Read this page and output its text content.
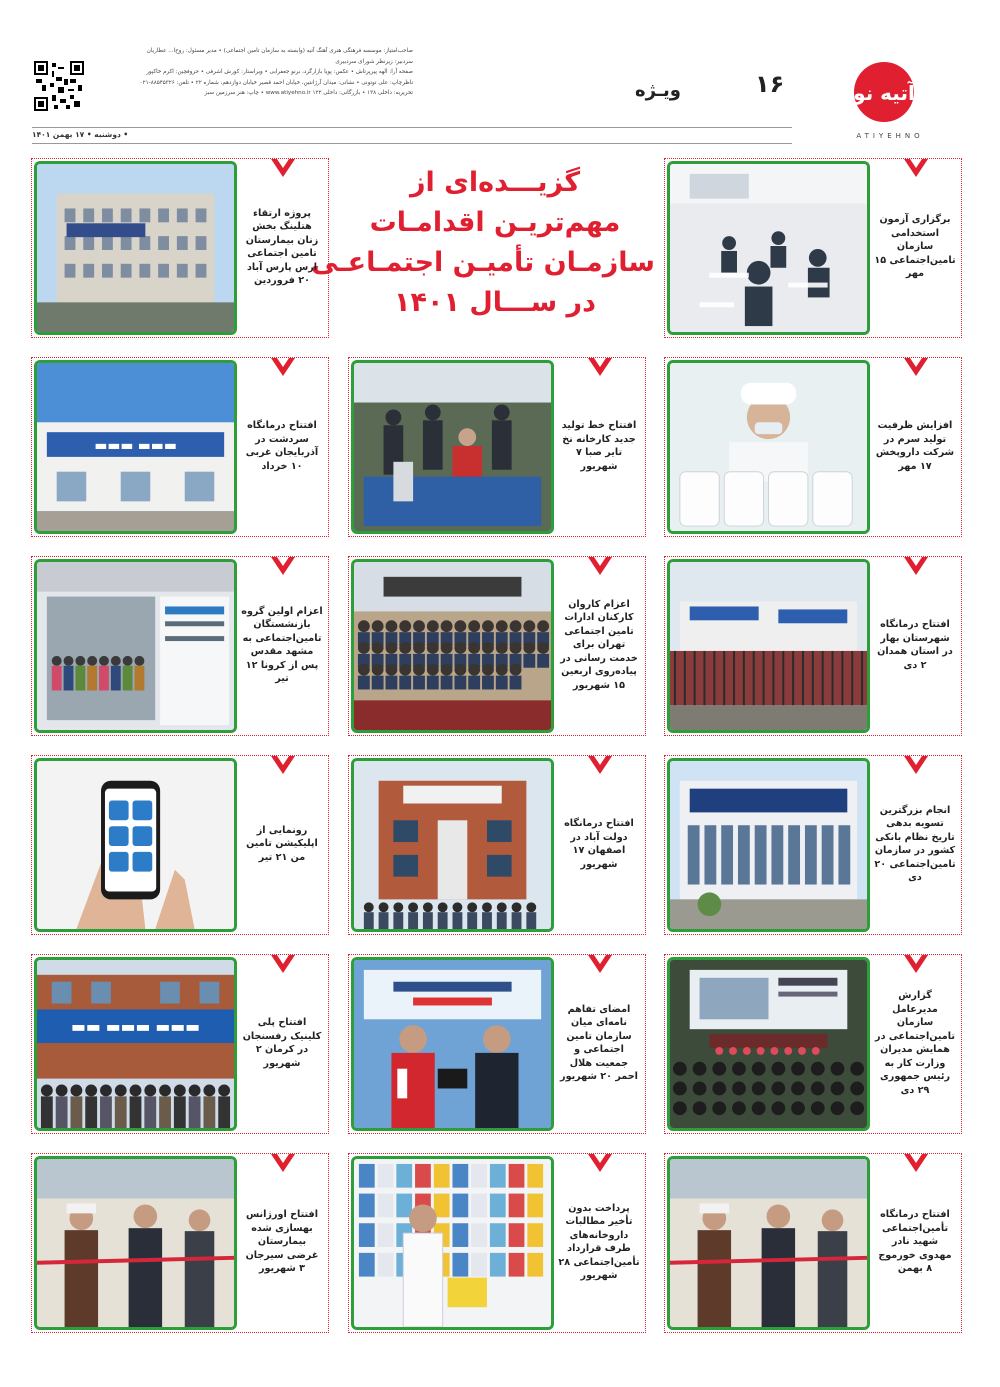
صاحب‌امتیاز: موسسه فرهنگی هنری آهنگ آتیه (وابسته به سازمان تامین اجتماعی) • مدیر مسئول: روح‌ا... عطاریان
سردبیر: زیرنظر شورای سردبیری
صفحه آرا: الهه پیرپرتاش • عکس: پویا بازارگرد، برنو جعفرابی • ویراستار: کورش اشرفی • حروفچین: اکرم خاکپور
ناظرچاپ: علی توتونی • نشانی: میدان آرژانتین، خیابان احمد قصیر خیابان دوازدهم، شماره ۲۲ • تلفن: ۸۸۵۴۵۳۲۶-۰۲۱
تحریریه: داخلی ۱۳۸ • بازرگانی: داخلی ۱۲۲ www.atiyehno.ir • چاپ: هنر سرزمین سبز	ویـژه	۱۶	آتیه نو
ATIYEHNO
• دوشنبه • ۱۷ بهمن ۱۴۰۱
گزیـــده‌ای از
مهم‌تریـن اقدامـات
سازمـان تأمیـن اجتمـاعـی
در ســـال ۱۴۰۱
برگزاری آزمون استخدامی سازمان تامین‌اجتماعی ۱۵ مهر
پروژه ارتقاء هتلینگ بخش زنان بیمارستان تامین اجتماعی ارس پارس آباد ۲۰ فروردین
افزایش ظرفیت تولید سرم در شرکت داروپخش ۱۷ مهر
افتتاح خط تولید جدید کارخانه نخ تایر صبا ۷ شهریور
▬▬▬ ▬▬▬
افتتاح درمانگاه سردشت در آذربایجان غربی ۱۰ خرداد
افتتاح درمانگاه شهرستان بهار در استان همدان ۲ دی
اعزام کاروان کارکنان ادارات تامین اجتماعی تهران برای خدمت رسانی در پیاده‌روی اربعین ۱۵ شهریور
اعزام اولین گروه بازنشستگان تامین‌اجتماعی به مشهد مقدس پس از کرونا ۱۲ تیر
انجام بزرگترین تسویه بدهی تاریخ نظام بانکی کشور در سازمان تامین‌اجتماعی ۲۰ دی
افتتاح درمانگاه دولت آباد در اصفهان ۱۷ شهریور
رونمایی از اپلیکیشن تامین من ۲۱ تیر
گزارش مدیرعامل سازمان تامین‌اجتماعی در همایش مدیران وزارت کار به رئیس جمهوری ۲۹ دی
امضای تفاهم نامه‌ای میان سازمان تامین اجتماعی و جمعیت هلال احمر ۲۰ شهریور
▬▬▬ ▬▬▬ ▬▬	افتتاح پلی کلینیک رفسنجان در کرمان ۲ شهریور
افتتاح درمانگاه تأمین‌اجتماعی شهید نادر مهدوی خورموج ۸ بهمن
پرداخت بدون تأخیر مطالبات داروخانه‌های طرف قرارداد تأمین‌اجتماعی ۲۸ شهریور
افتتاح اورژانس بهسازی شده بیمارستان غرضی سیرجان ۳ شهریور
